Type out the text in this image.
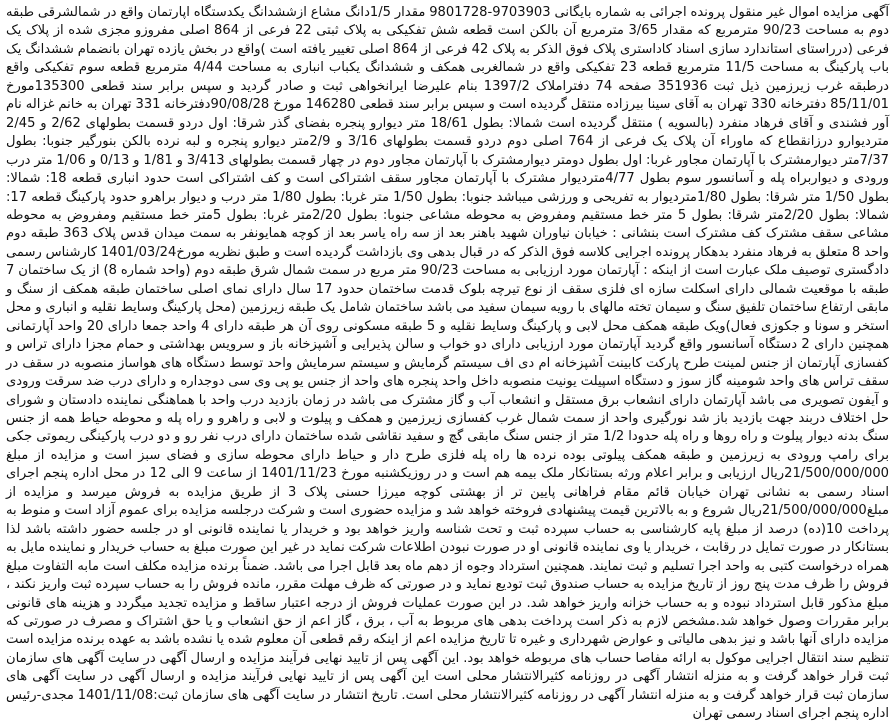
آگهی مزایده اموال غیر منقول پرونده اجرائی به شماره بایگانی 9703903-9801728 مقدار 1/5دانگ مشاع ازششدانگ یکدستگاه اپارتمان واقع در شمالشرقی طبقه دوم به مساحت 90/23 مترمربع که مقدار 3/65 مترمربع آن بالکن است قطعه شش تفکیکی به پلاک ثبتی 22 فرعی از 864 اصلی مفروزو مجزی شده از پلاک یک فرعی (درراستای استاندارد سازی اسناد کاداستری پلاک فوق الذکر به پلاک 42 فرعی از 864 اصلی تغییر یافته است )واقع در بخش یازده تهران بانضمام ششدانگ یک باب پارکینگ به مساحت 11/5 مترمربع قطعه 23 تفکیکی واقع در شمالغربی همکف و ششدانگ یکباب انباری به مساحت 4/44 مترمربع قطعه سوم تفکیکی واقع درطبقه غرب زیرزمین ذیل ثبت 351936 صفحه 74 دفتراملاک 1397/2 بنام علیرضا ایرانخواهی ثبت و صادر گردید و سپس برابر سند قطعی 135300مورخ 85/11/01 دفترخانه 330 تهران به آقای سینا بیرزاده منتقل گردیده است و سپس برابر سند قطعی 146280 مورخ 90/08/28دفترخانه 331 تهران به خانم غزاله نام آور فشندی و آقای فرهاد منفرد (بالسویه ) منتقل گردیده است شمالا: بطول 18/61 متر دیوارو پنجره بفضای گذر شرقا: اول دردو قسمت بطولهای 2/62 و 2/45 متردیوارو درزانقطاع که ماوراء آن پلاک یک فرعی از 764 اصلی دوم دردو قسمت بطولهای 3/16 و 2/9متر دیوارو پنجره و لبه نرده بالکن بنورگیر جنوبا: بطول 7/37متر دیوارمشترک با آپارتمان مجاور غربا: اول بطول دومتر دیوارمشترک با آپارتمان مجاور دوم در چهار قسمت بطولهای 3/413 و 1/81 و 0/13 و 1/06 متر درب ورودی و دیواربراه پله و آسانسور سوم بطول 4/77متردیوار مشترک با آپارتمان مجاور سقف اشتراکی است و کف اشتراکی است حدود انباری قطعه 18: شمالا: بطول 1/50 متر شرقا: بطول 1/80متردیوار به تفریحی و ورزشی میباشد جنوبا: بطول 1/50 متر غربا: بطول 1/80 متر درب و دیوار براهرو حدود پارکینگ قطعه 17: شمالا: بطول 2/20متر شرقا: بطول 5 متر خط مستقیم ومفروض به محوطه مشاعی جنوبا: بطول 2/20متر غربا: بطول 5متر خط مستقیم ومفروض به محوطه مشاعی سقف مشترک کف مشترک است بنشانی : خیابان نیاوران شهید باهنر بعد از سه راه یاسر بعد از کوچه همایونفر به سمت میدان قدس پلاک 363 طبقه دوم واحد 8 متعلق به فرهاد منفرد بدهکار پرونده اجرایی کلاسه فوق الذکر که در قبال بدهی وی بازداشت گردیده است و طبق نظریه مورخ1401/03/24 کارشناس رسمی دادگستری توصیف ملک عبارت است از اینکه : آپارتمان مورد ارزیابی به مساحت 90/23 متر مربع در سمت شمال شرق طبقه دوم (واحد شماره 8) از یک ساختمان 7 طبقه با موقعیت شمالی دارای اسکلت سازه ای فلزی سقف از نوع تیرچه بلوک قدمت ساختمان حدود 17 سال دارای نمای اصلی ساختمان طبقه همکف از سنگ و مابقی ارتفاع ساختمان تلفیق سنگ و سیمان تخته مالهای با رویه سیمان سفید می باشد ساختمان شامل یک طبقه زیرزمین (محل پارکینگ وسایط نقلیه و انباری و محل استخر و سونا و جکوزی فعال)ویک طبقه همکف محل لابی و پارکینگ وسایط نقلیه و 5 طبقه مسکونی روی آن هر طبقه دارای 4 واحد جمعا دارای 20 واحد آپارتمانی همچنین دارای 2 دستگاه آسانسور واقع گردید آپارتمان مورد ارزیابی دارای دو خواب و سالن پذیرایی و آشپزخانه باز و سرویس بهداشتی و حمام مجزا دارای تراس و کفسازی آپارتمان از جنس لمینت طرح پارکت کابینت آشپزخانه ام دی اف سیستم گرمایش و سیستم سرمایش واحد توسط دستگاه های هواساز منصوبه در سقف در سقف تراس های واحد شومینه گاز سوز و دستگاه اسپیلت یونیت منصوبه داخل واحد پنجره های واحد از جنس یو پی وی سی دوجداره و دارای درب ضد سرقت ورودی و آیفون تصویری می باشد آپارتمان دارای انشعاب برق مستقل و انشعاب آب و گاز مشترک می باشد در زمان بازدید درب واحد با هماهنگی نماینده دادستان و شورای حل اختلاف دربند جهت بازدید باز شد نورگیری واحد از سمت شمال غرب کفسازی زیرزمین و همکف و پیلوت و لابی و راهرو و راه پله و محوطه حیاط همه از جنس سنگ بدنه دیوار پیلوت و راه روها و راه پله حدودا 1/2 متر از جنس سنگ مابقی گچ و سفید نقاشی شده ساختمان دارای درب نفر رو و دو درب پارکینگی ریموتی جکی برای رامپ ورودی به زیرزمین و طبقه همکف پیلوتی بوده نرده ها راه پله فلزی طرح دار و حیاط دارای محوطه سازی و فضای سبز است و مزایده از مبلغ 21/500/000/000ریال ارزیابی و برابر اعلام ورثه بستانکار ملک بیمه هم است و در روزیکشنبه مورخ 1401/11/23 از ساعت 9 الی 12 در محل اداره پنجم اجرای اسناد رسمی به نشانی تهران خیابان قائم مقام فراهانی پایین تر از بهشتی کوچه میرزا حسنی پلاک 3 از طریق مزایده به فروش میرسد و مزایده از مبلغ21/500/000/000ریال شروع و به بالاترین قیمت پیشنهادی فروخته خواهد شد و مزایده حضوری است و شرکت درجلسه مزایده برای عموم آزاد است و منوط به پرداخت 10(ده) درصد از مبلغ پایه کارشناسی به حساب سپرده ثبت و تحت شناسه واریز خواهد بود و خریدار یا نماینده قانونی او در جلسه حضور داشته باشد لذا بستانکار در صورت تمایل در رقابت ، خریدار یا وی نماینده قانونی او در صورت نبودن اطلاعات شرکت نماید در غیر این صورت مبلغ به حساب خریدار و نماینده مایل به همراه درخواست کتبی به واحد اجرا تسلیم و ثبت نمایند. همچنین استرداد وجوه از دهم ماه بعد قابل اجرا می باشد. ضمناً برنده مزایده مکلف است مابه التفاوت مبلغ فروش را ظرف مدت پنج روز از تاریخ مزایده به حساب صندوق ثبت تودیع نماید و در صورتی که ظرف مهلت مقرر، مانده فروش را به حساب سپرده ثبت واریز نکند ، مبلغ مذکور قابل استرداد نبوده و به حساب خزانه واریز خواهد شد. در این صورت عملیات فروش از درجه اعتبار ساقط و مزایده تجدید میگردد و هزینه های قانونی برابر مقررات وصول خواهد شد.مشخص لازم به ذکر است پرداخت بدهی های مربوط به آب ، برق ، گاز اعم از حق انشعاب و یا حق اشتراک و مصرف در صورتی که مزایده دارای آنها باشد و نیز بدهی مالیاتی و عوارض شهرداری و غیره تا تاریخ مزایده اعم از اینکه رقم قطعی آن معلوم شده یا نشده باشد به عهده برنده مزایده است تنظیم سند انتقال اجرایی موکول به ارائه مفاصا حساب های مربوطه خواهد بود. این آگهی پس از تایید نهایی فرآیند مزایده و ارسال آگهی در سایت آگهی های سازمان ثبت قرار خواهد گرفت و به منزله انتشار آگهی در روزنامه کثیرالانتشار محلی است این آگهی پس از تایید نهایی فرآیند مزایده و ارسال آگهی در سایت آگهی های سازمان ثبت قرار خواهد گرفت و به منزله انتشار آگهی در روزنامه کثیرالانتشار محلی است. تاریخ انتشار در سایت آگهی های سازمان ثبت:1401/11/08 مجدی-رئیس اداره پنجم اجرای اسناد رسمی تهران
